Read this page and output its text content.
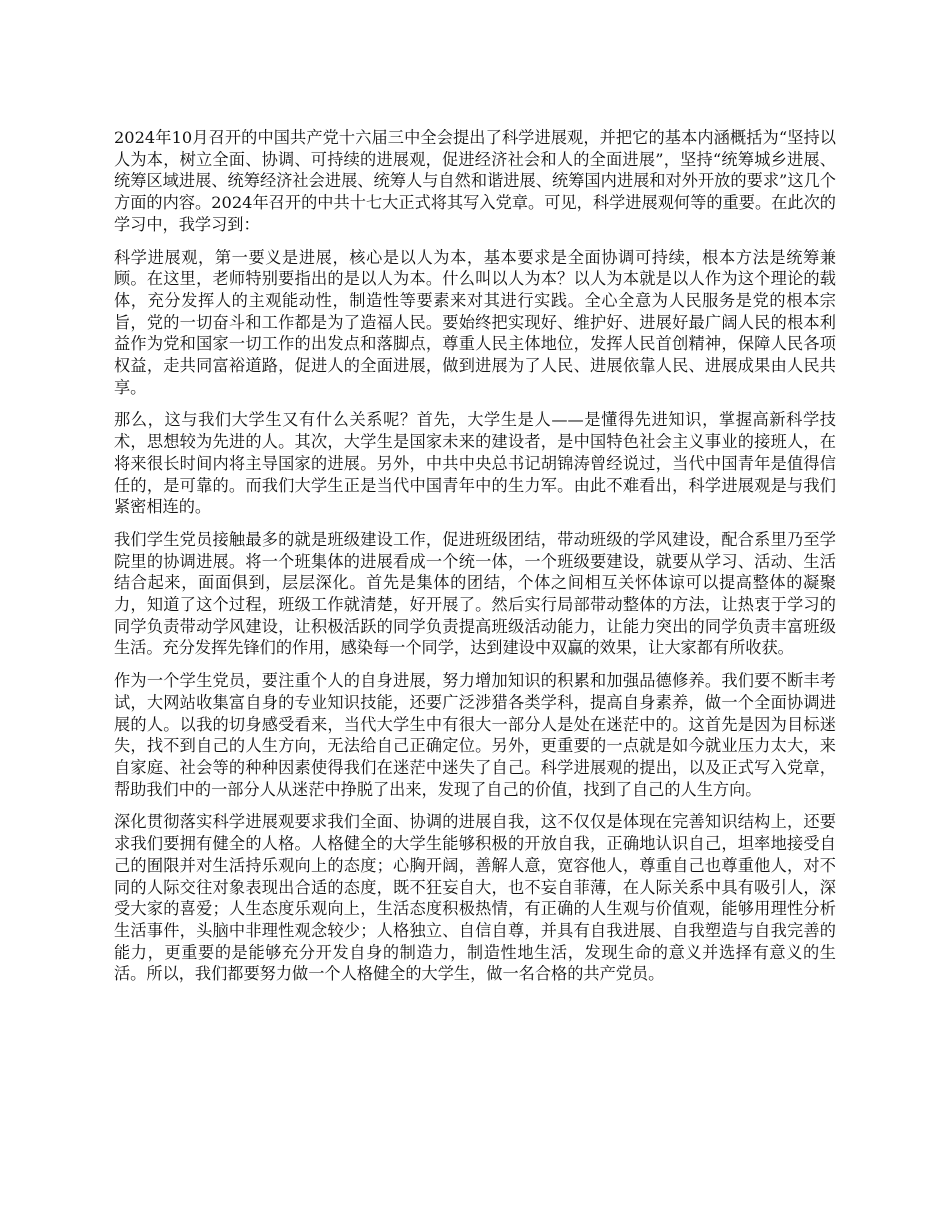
2024年10月召开的中国共产党十六届三中全会提出了科学进展观，并把它的基本内涵概括为“坚持以人为本，树立全面、协调、可持续的进展观，促进经济社会和人的全面进展”，坚持“统筹城乡进展、统筹区域进展、统筹经济社会进展、统筹人与自然和谐进展、统筹国内进展和对外开放的要求”这几个方面的内容。2024年召开的中共十七大正式将其写入党章。可见，科学进展观何等的重要。在此次的学习中，我学习到：

科学进展观，第一要义是进展，核心是以人为本，基本要求是全面协调可持续，根本方法是统筹兼顾。在这里，老师特别要指出的是以人为本。什么叫以人为本？以人为本就是以人作为这个理论的载体，充分发挥人的主观能动性，制造性等要素来对其进行实践。全心全意为人民服务是党的根本宗旨，党的一切奋斗和工作都是为了造福人民。要始终把实现好、维护好、进展好最广阔人民的根本利益作为党和国家一切工作的出发点和落脚点，尊重人民主体地位，发挥人民首创精神，保障人民各项权益，走共同富裕道路，促进人的全面进展，做到进展为了人民、进展依靠人民、进展成果由人民共享。

那么，这与我们大学生又有什么关系呢？首先，大学生是人——是懂得先进知识，掌握高新科学技术，思想较为先进的人。其次，大学生是国家未来的建设者，是中国特色社会主义事业的接班人，在将来很长时间内将主导国家的进展。另外，中共中央总书记胡锦涛曾经说过，当代中国青年是值得信任的，是可靠的。而我们大学生正是当代中国青年中的生力军。由此不难看出，科学进展观是与我们紧密相连的。

我们学生党员接触最多的就是班级建设工作，促进班级团结，带动班级的学风建设，配合系里乃至学院里的协调进展。将一个班集体的进展看成一个统一体，一个班级要建设，就要从学习、活动、生活结合起来，面面俱到，层层深化。首先是集体的团结，个体之间相互关怀体谅可以提高整体的凝聚力，知道了这个过程，班级工作就清楚，好开展了。然后实行局部带动整体的方法，让热衷于学习的同学负责带动学风建设，让积极活跃的同学负责提高班级活动能力，让能力突出的同学负责丰富班级生活。充分发挥先锋们的作用，感染每一个同学，达到建设中双赢的效果，让大家都有所收获。

作为一个学生党员，要注重个人的自身进展，努力增加知识的积累和加强品德修养。我们要不断丰考试，大网站收集富自身的专业知识技能，还要广泛涉猎各类学科，提高自身素养，做一个全面协调进展的人。以我的切身感受看来，当代大学生中有很大一部分人是处在迷茫中的。这首先是因为目标迷失，找不到自己的人生方向，无法给自己正确定位。另外，更重要的一点就是如今就业压力太大，来自家庭、社会等的种种因素使得我们在迷茫中迷失了自己。科学进展观的提出，以及正式写入党章，帮助我们中的一部分人从迷茫中挣脱了出来，发现了自己的价值，找到了自己的人生方向。

深化贯彻落实科学进展观要求我们全面、协调的进展自我，这不仅仅是体现在完善知识结构上，还要求我们要拥有健全的人格。人格健全的大学生能够积极的开放自我，正确地认识自己，坦率地接受自己的囿限并对生活持乐观向上的态度；心胸开阔，善解人意，宽容他人，尊重自己也尊重他人，对不同的人际交往对象表现出合适的态度，既不狂妄自大，也不妄自菲薄，在人际关系中具有吸引人，深受大家的喜爱；人生态度乐观向上，生活态度积极热情，有正确的人生观与价值观，能够用理性分析生活事件，头脑中非理性观念较少；人格独立、自信自尊，并具有自我进展、自我塑造与自我完善的能力，更重要的是能够充分开发自身的制造力，制造性地生活，发现生命的意义并选择有意义的生活。所以，我们都要努力做一个人格健全的大学生，做一名合格的共产党员。
